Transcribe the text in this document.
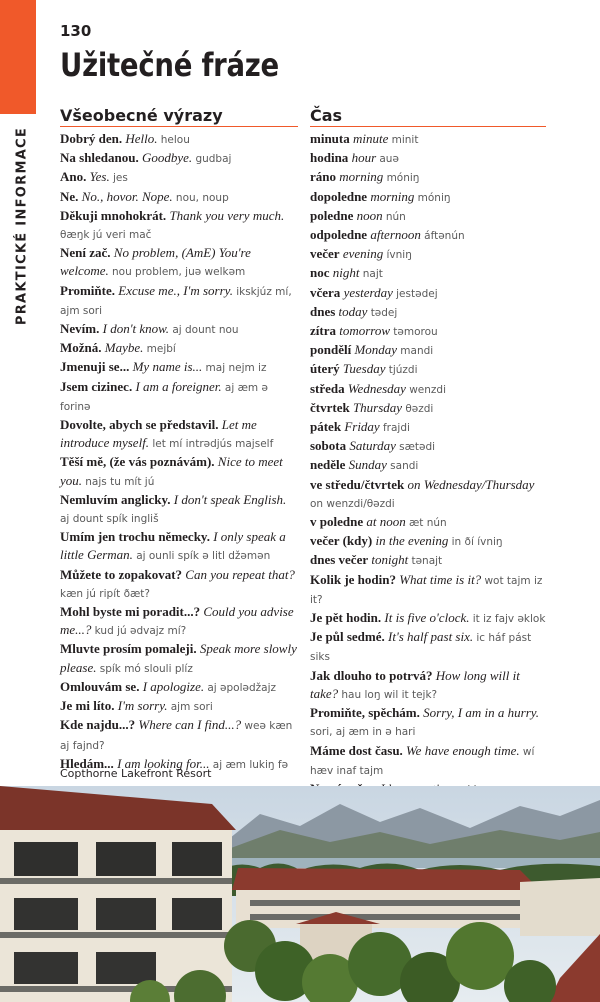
PRAKTICKÉ INFORMACE
130
Užitečné fráze
Všeobecné výrazy
Dobrý den. Hello. helou
Na shledanou. Goodbye. gudbaj
Ano. Yes. jes
Ne. No., hovor. Nope. nou, noup
Děkuji mnohokrát. Thank you very much. θæŋk jú veri mač
Není zač. No problem, (AmE) You're welcome. nou problem, juə welkəm
Promiňte. Excuse me., I'm sorry. ikskjúz mí, ajm sori
Nevím. I don't know. aj dount nou
Možná. Maybe. mejbí
Jmenuji se... My name is... maj nejm iz
Jsem cizinec. I am a foreigner. aj æm ə forinə
Dovolte, abych se představil. Let me introduce myself. let mí intrədjús majself
Těší mě, (že vás poznávám). Nice to meet you. najs tu mít jú
Nemluvím anglicky. I don't speak English. aj dount spík ingliš
Umím jen trochu německy. I only speak a little German. aj ounli spík ə litl džəmən
Můžete to zopakovat? Can you repeat that? kæn jú ripít ðæt?
Mohl byste mi poradit...? Could you advise me...? kud jú ədvajz mí?
Mluvte prosím pomaleji. Speak more slowly please. spík mó slouli plíz
Omlouvám se. I apologize. aj əpolədžajz
Je mi líto. I'm sorry. ajm sori
Kde najdu...? Where can I find...? weə kæn aj fajnd?
Hledám... I am looking for... aj æm lukiŋ fə
Čas
minuta minute minit
hodina hour auə
ráno morning móniŋ
dopoledne morning móniŋ
poledne noon nún
odpoledne afternoon áftənún
večer evening ívniŋ
noc night najt
včera yesterday jestədej
dnes today tədej
zítra tomorrow təmorou
pondělí Monday mandi
úterý Tuesday tjúzdi
středa Wednesday wenzdi
čtvrtek Thursday θəzdi
pátek Friday frajdi
sobota Saturday sætədi
neděle Sunday sandi
ve středu/čtvrtek on Wednesday/Thursday on wenzdi/θəzdi
v poledne at noon æt nún
večer (kdy) in the evening in ðí ívniŋ
dnes večer tonight tənajt
Kolik je hodin? What time is it? wot tajm iz it?
Je pět hodin. It is five o'clock. it iz fajv əklok
Je půl sedmé. It's half past six. ic háf pást siks
Jak dlouho to potrvá? How long will it take? hau loŋ wil it tejk?
Promiňte, spěchám. Sorry, I am in a hurry. sori, aj æm in ə hari
Máme dost času. We have enough time. wí hæv inaf tajm
Copthorne Lakefront Resort
